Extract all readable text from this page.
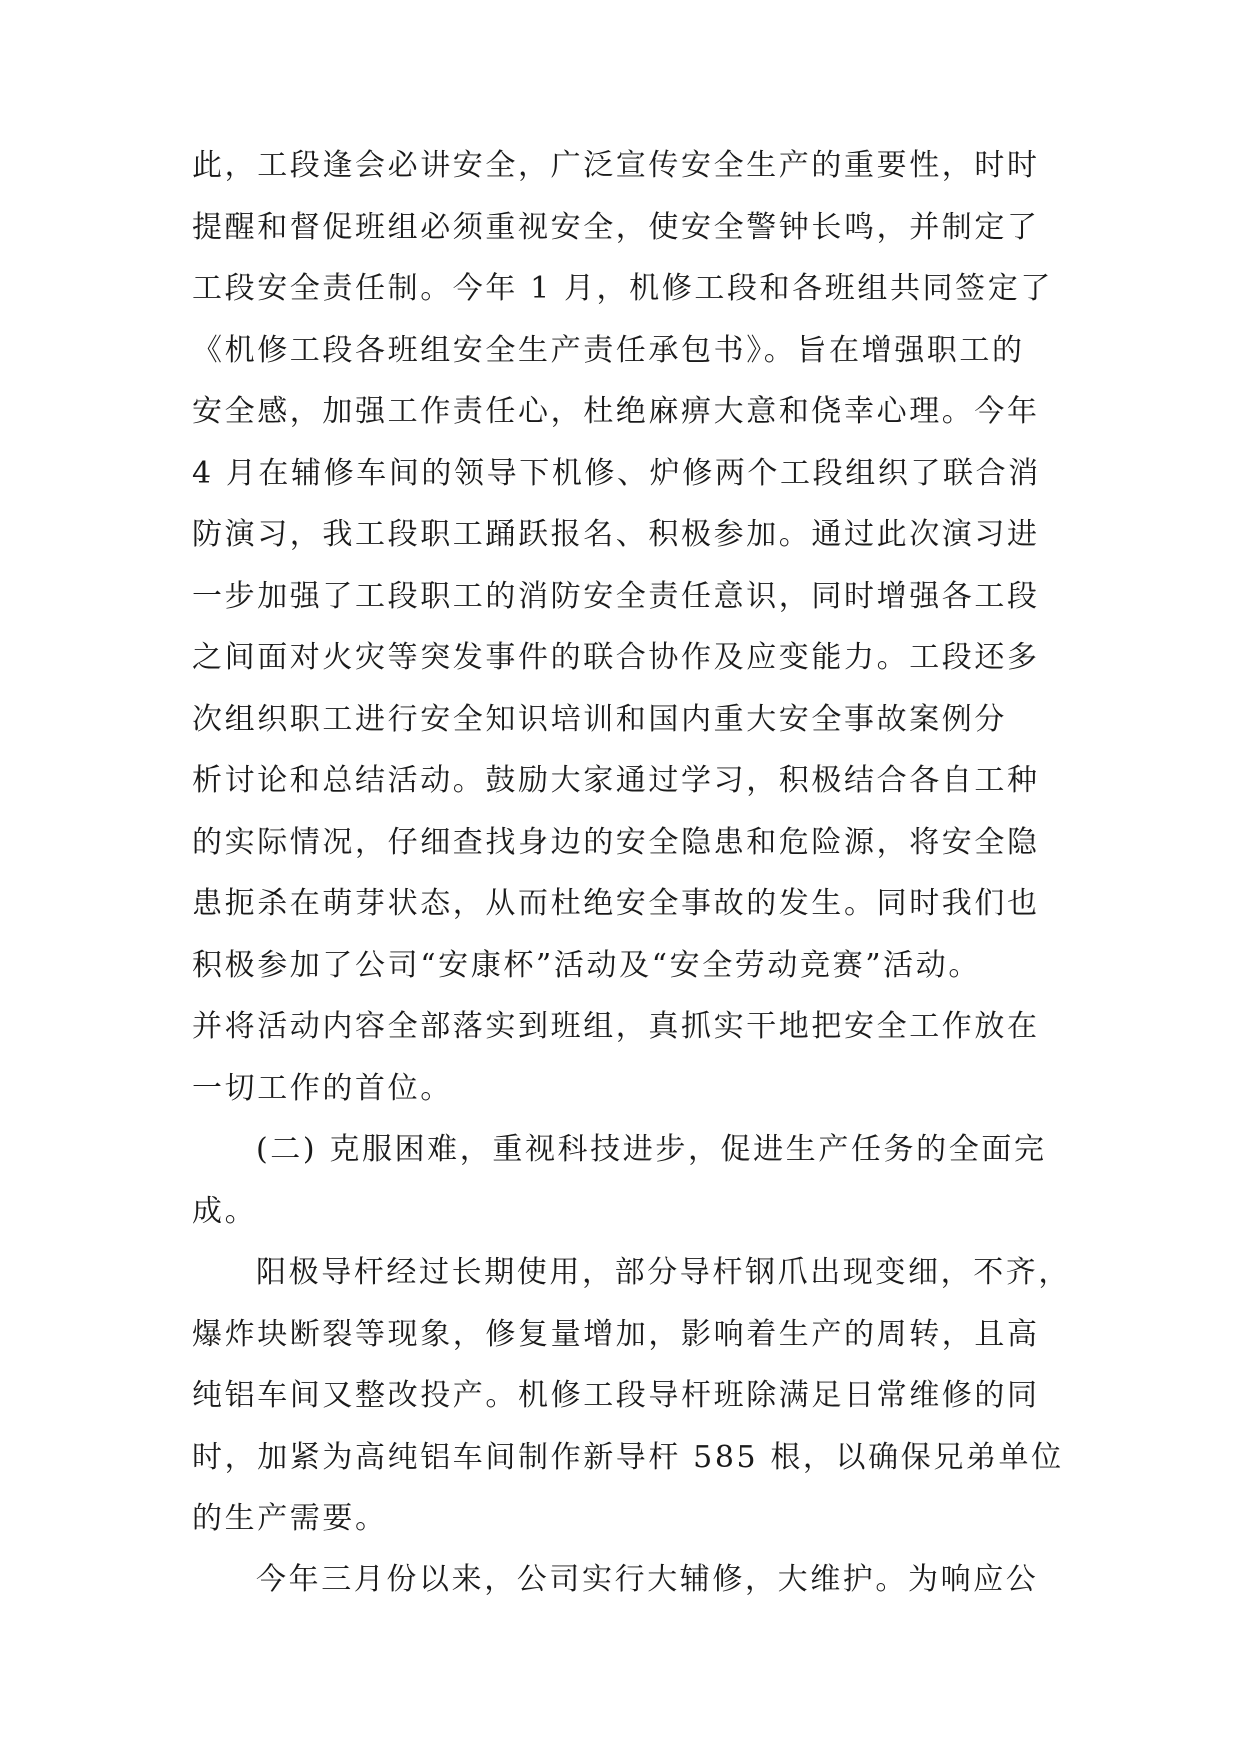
此，工段逢会必讲安全，广泛宣传安全生产的重要性，时时
提醒和督促班组必须重视安全，使安全警钟长鸣，并制定了
工段安全责任制。今年 1 月，机修工段和各班组共同签定了
《机修工段各班组安全生产责任承包书》。旨在增强职工的
安全感，加强工作责任心，杜绝麻痹大意和侥幸心理。今年
4 月在辅修车间的领导下机修、炉修两个工段组织了联合消
防演习，我工段职工踊跃报名、积极参加。通过此次演习进
一步加强了工段职工的消防安全责任意识，同时增强各工段
之间面对火灾等突发事件的联合协作及应变能力。工段还多
次组织职工进行安全知识培训和国内重大安全事故案例分
析讨论和总结活动。鼓励大家通过学习，积极结合各自工种
的实际情况，仔细查找身边的安全隐患和危险源，将安全隐
患扼杀在萌芽状态，从而杜绝安全事故的发生。同时我们也
积极参加了公司“安康杯”活动及“安全劳动竞赛”活动。
并将活动内容全部落实到班组，真抓实干地把安全工作放在
一切工作的首位。
(二) 克服困难，重视科技进步，促进生产任务的全面完
成。
阳极导杆经过长期使用，部分导杆钢爪出现变细，不齐，
爆炸块断裂等现象，修复量增加，影响着生产的周转，且高
纯铝车间又整改投产。机修工段导杆班除满足日常维修的同
时，加紧为高纯铝车间制作新导杆 585 根，以确保兄弟单位
的生产需要。
今年三月份以来，公司实行大辅修，大维护。为响应公
